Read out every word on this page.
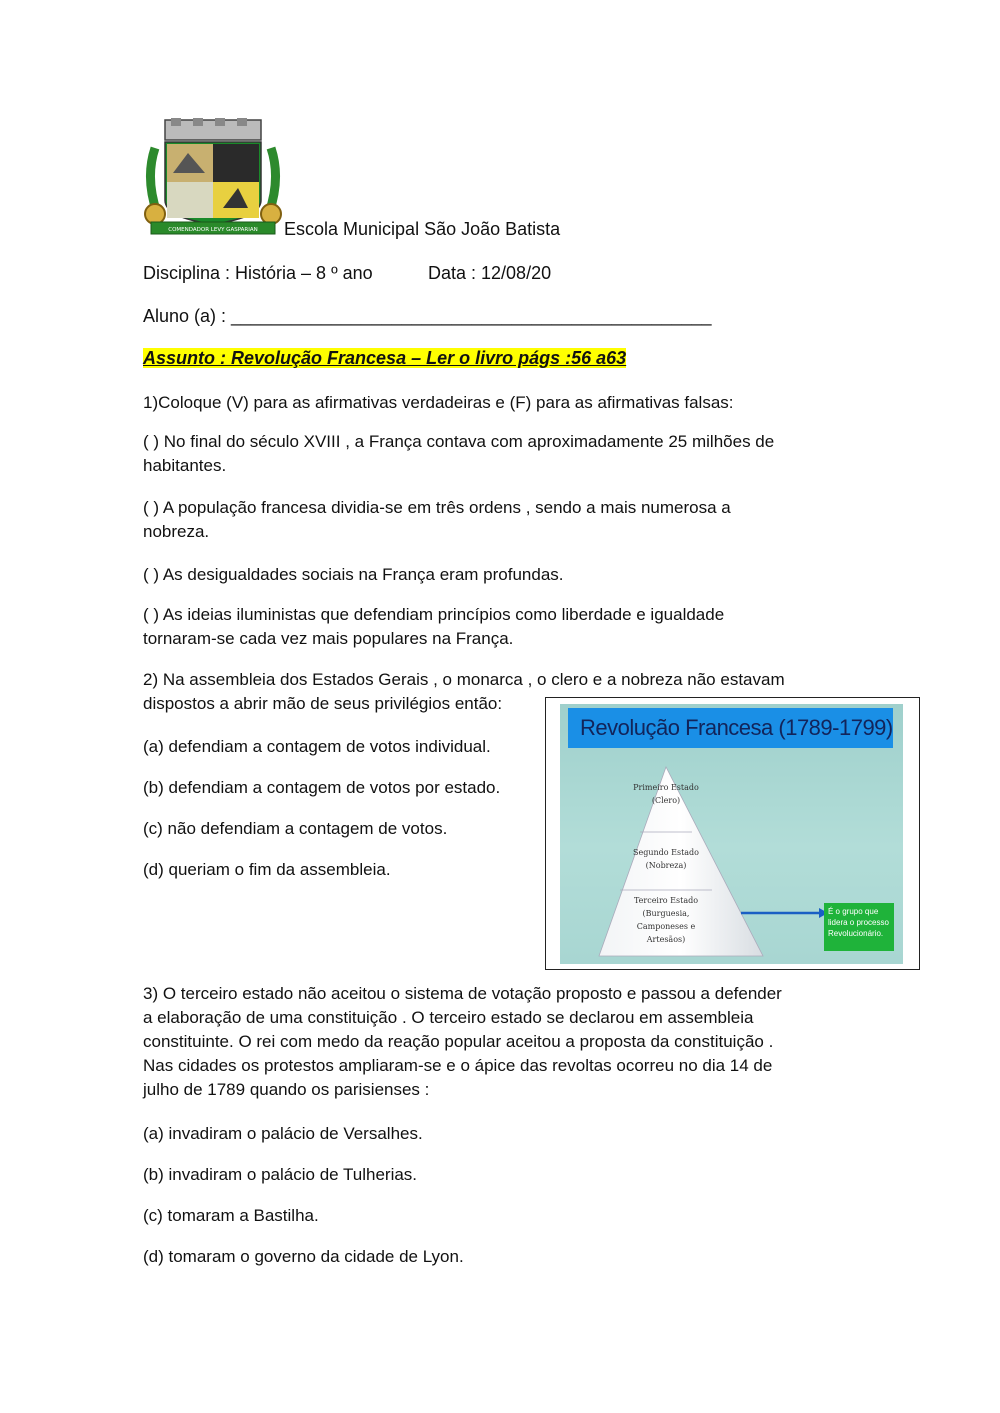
COMENDADOR LEVY GASPARIAN Escola Municipal São João Batista
Disciplina : História – 8 º ano	Data : 12/08/20
Aluno (a) : ________________________________________________
Assunto : Revolução Francesa – Ler o livro págs :56 a63
1)Coloque (V) para as afirmativas verdadeiras e (F) para as afirmativas falsas:
( ) No final do século XVIII , a França contava com aproximadamente 25 milhões de
habitantes.
( ) A população francesa dividia-se em três ordens , sendo a mais numerosa a
nobreza.
( ) As desigualdades sociais na França eram profundas.
( ) As ideias iluministas que defendiam princípios como liberdade e igualdade
tornaram-se cada vez mais populares na França.
2) Na assembleia dos Estados Gerais , o monarca , o clero e a nobreza não estavam
dispostos a abrir mão de seus privilégios então:
(a) defendiam a contagem de votos individual.
(b) defendiam a contagem de votos por estado.
(c) não defendiam a contagem de votos.
(d) queriam o fim da assembleia.
Revolução Francesa (1789-1799)
Primeiro Estado
(Clero)
Segundo Estado
(Nobreza)
Terceiro Estado
(Burguesia,
Camponeses e
Artesãos)
É o grupo que lidera o processo Revolucionário.
3) O terceiro estado não aceitou o sistema de votação proposto e passou a defender
a elaboração de uma constituição . O terceiro estado se declarou em assembleia
constituinte. O rei com medo da reação popular aceitou a proposta da constituição .
Nas cidades os protestos ampliaram-se e o ápice das revoltas ocorreu no dia 14 de
julho de 1789 quando os parisienses :
(a) invadiram o palácio de Versalhes.
(b) invadiram o palácio de Tulherias.
(c) tomaram a Bastilha.
(d) tomaram o governo da cidade de Lyon.
